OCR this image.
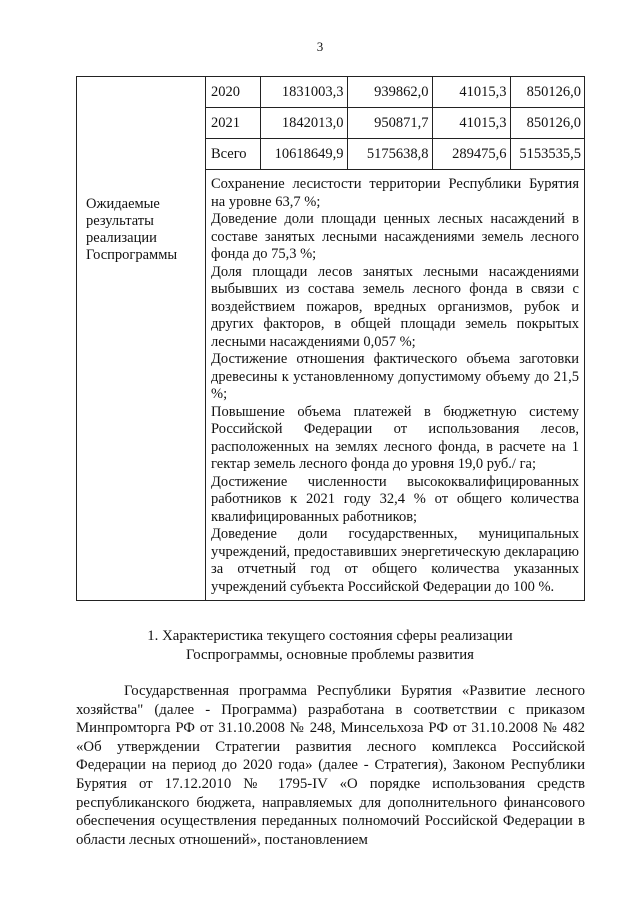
3
Ожидаемые результаты реализации Госпрограммы

2020	1831003,3	939862,0	41015,3	850126,0
2021	1842013,0	950871,7	41015,3	850126,0
Всего	10618649,9	5175638,8	289475,6	5153535,5

Сохранение лесистости территории Республики Бурятия на уровне 63,7 %;

Доведение доли площади ценных лесных насаждений в составе занятых лесными насаждениями земель лесного фонда до 75,3 %;

Доля площади лесов занятых лесными насаждениями выбывших из состава земель лесного фонда в связи с воздействием пожаров, вредных организмов, рубок и других факторов, в общей площади земель покрытых лесными насаждениями 0,057 %;

Достижение отношения фактического объема заготовки древесины к установленному допустимому объему до 21,5 %;

Повышение объема платежей в бюджетную систему Российской Федерации от использования лесов, расположенных на землях лесного фонда, в расчете на 1 гектар земель лесного фонда до уровня 19,0 руб./ га;

Достижение численности высококвалифицированных работников к 2021 году 32,4 % от общего количества квалифицированных работников;

Доведение доли государственных, муниципальных учреждений, предоставивших энергетическую декларацию за отчетный год от общего количества указанных учреждений субъекта Российской Федерации до 100 %.

1. Характеристика текущего состояния сферы реализации
Госпрограммы, основные проблемы развития

Государственная программа Республики Бурятия «Развитие лесного хозяйства" (далее - Программа) разработана в соответствии с приказом Минпромторга РФ от 31.10.2008 № 248, Минсельхоза РФ от 31.10.2008 № 482 «Об утверждении Стратегии развития лесного комплекса Российской Федерации на период до 2020 года» (далее - Стратегия), Законом Республики Бурятия от 17.12.2010 № 1795-IV «О порядке использования средств республиканского бюджета, направляемых для дополнительного финансового обеспечения осуществления переданных полномочий Российской Федерации в области лесных отношений», постановлением
